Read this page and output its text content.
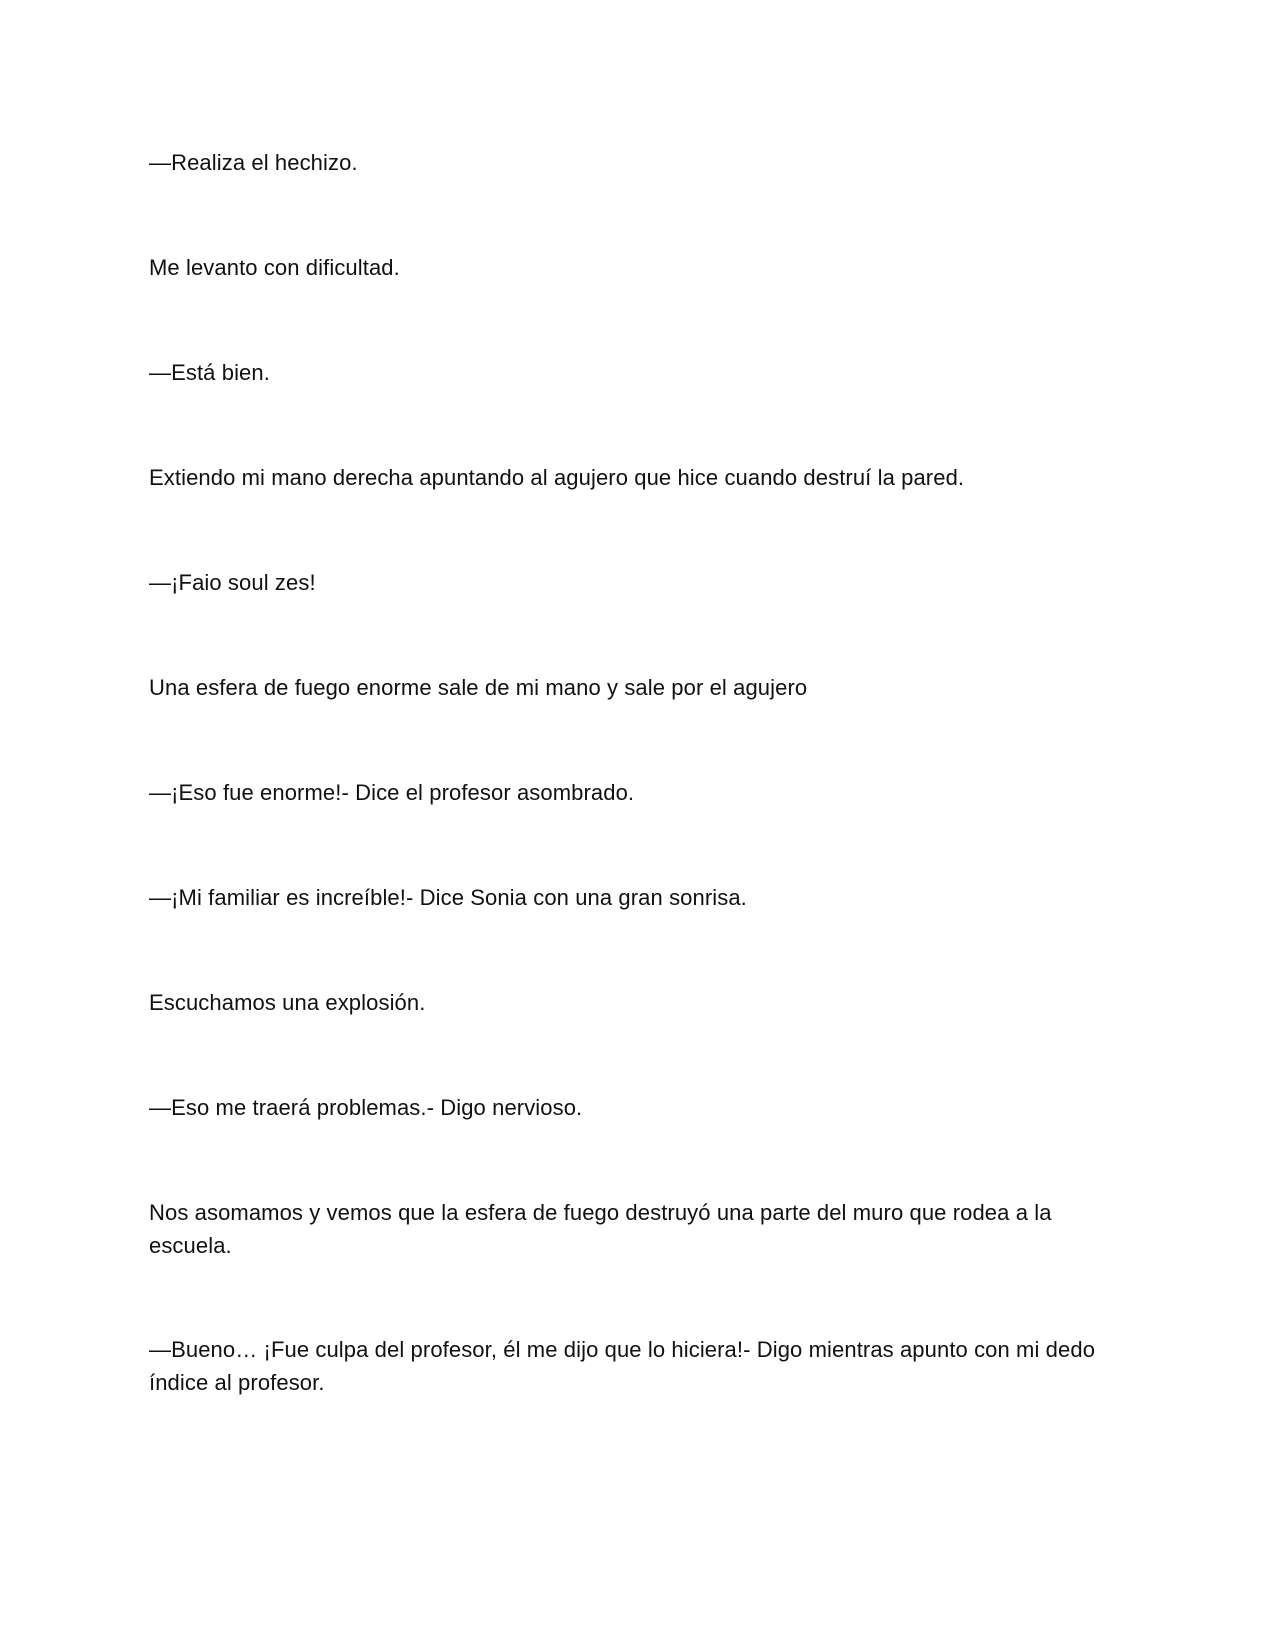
—Realiza el hechizo.

Me levanto con dificultad.

—Está bien.

Extiendo mi mano derecha apuntando al agujero que hice cuando destruí la pared.

—¡Faio soul zes!

Una esfera de fuego enorme sale de mi mano y sale por el agujero

—¡Eso fue enorme!- Dice el profesor asombrado.

—¡Mi familiar es increíble!- Dice Sonia con una gran sonrisa.

Escuchamos una explosión.

—Eso me traerá problemas.- Digo nervioso.

Nos asomamos y vemos que la esfera de fuego destruyó una parte del muro que rodea a la escuela.

—Bueno… ¡Fue culpa del profesor, él me dijo que lo hiciera!- Digo mientras apunto con mi dedo índice al profesor.
